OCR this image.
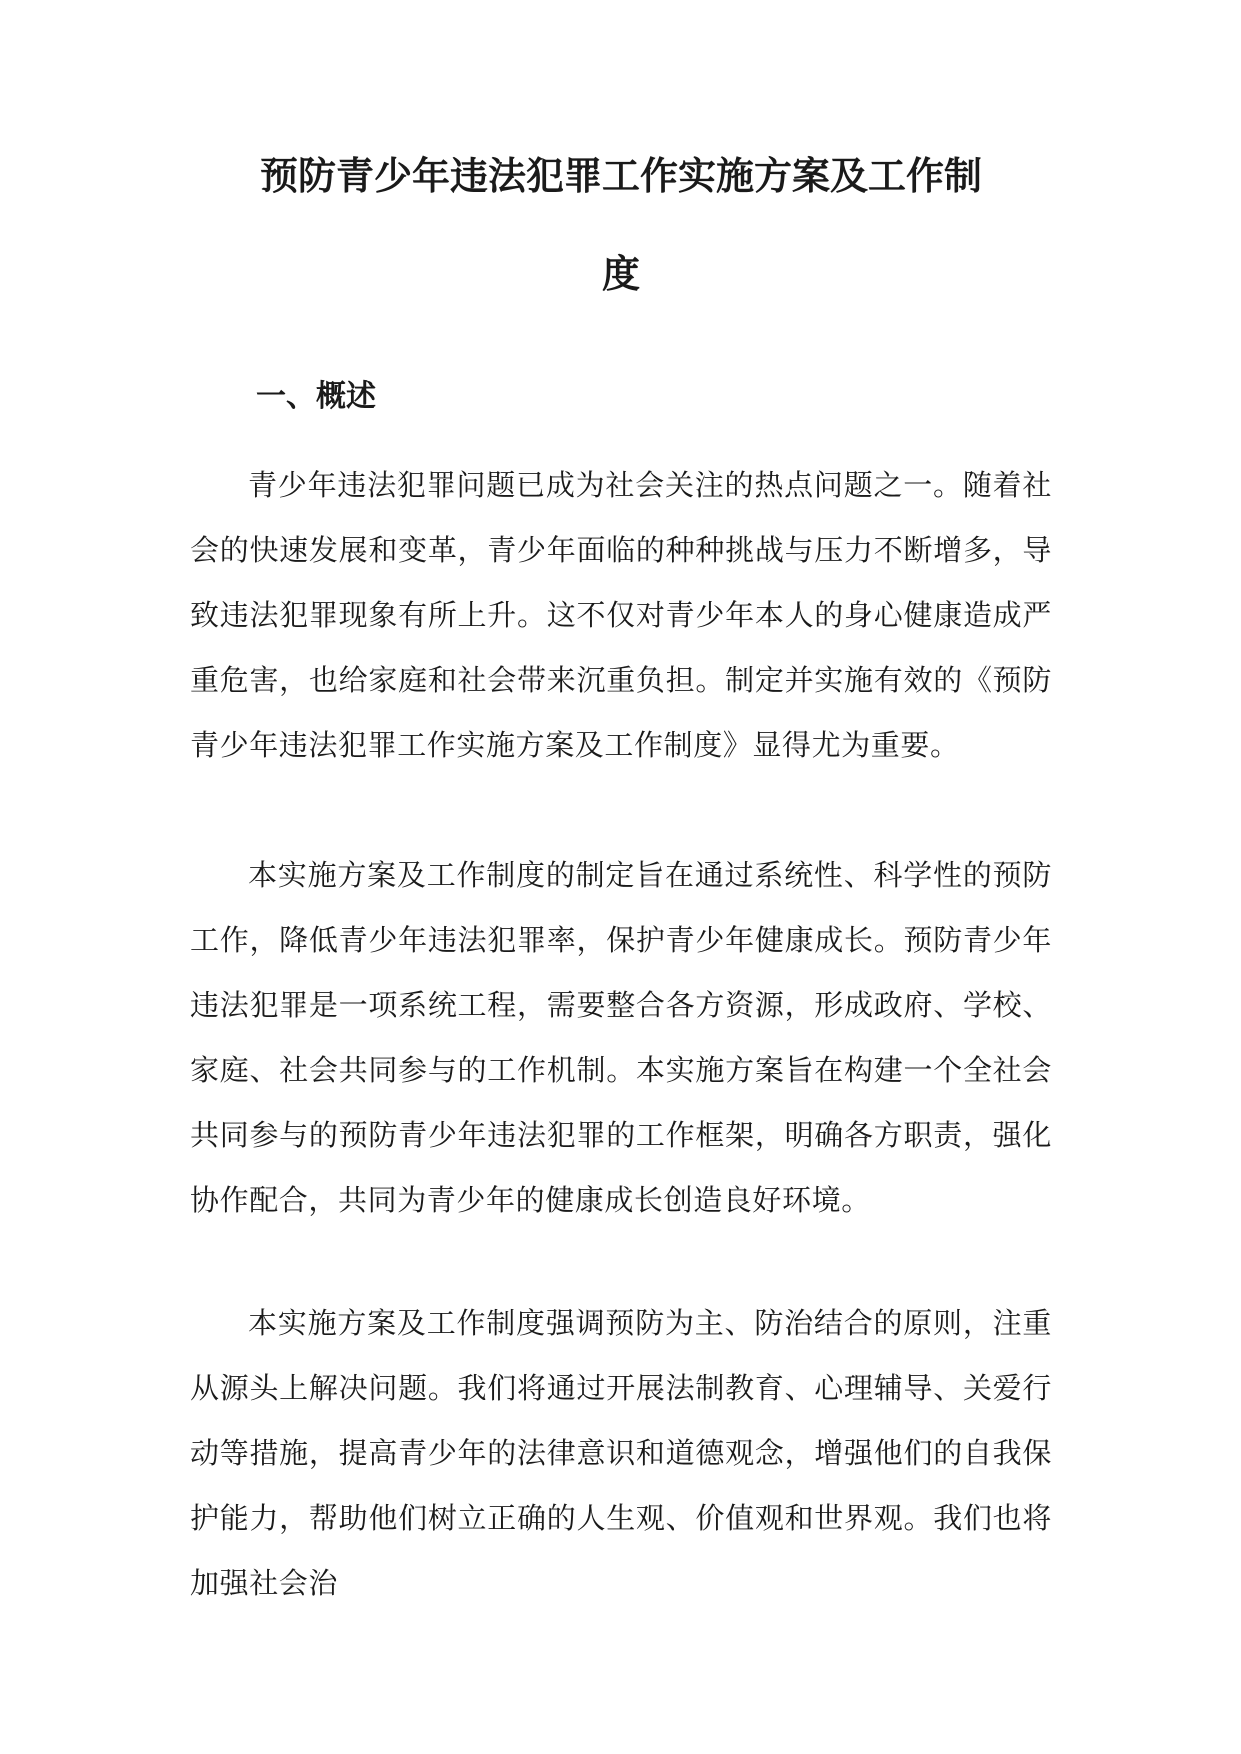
预防青少年违法犯罪工作实施方案及工作制
度
一、概述

青少年违法犯罪问题已成为社会关注的热点问题之一。随着社会的快速发展和变革，青少年面临的种种挑战与压力不断增多，导致违法犯罪现象有所上升。这不仅对青少年本人的身心健康造成严重危害，也给家庭和社会带来沉重负担。制定并实施有效的《预防青少年违法犯罪工作实施方案及工作制度》显得尤为重要。

本实施方案及工作制度的制定旨在通过系统性、科学性的预防工作，降低青少年违法犯罪率，保护青少年健康成长。预防青少年违法犯罪是一项系统工程，需要整合各方资源，形成政府、学校、家庭、社会共同参与的工作机制。本实施方案旨在构建一个全社会共同参与的预防青少年违法犯罪的工作框架，明确各方职责，强化协作配合，共同为青少年的健康成长创造良好环境。

本实施方案及工作制度强调预防为主、防治结合的原则，注重从源头上解决问题。我们将通过开展法制教育、心理辅导、关爱行动等措施，提高青少年的法律意识和道德观念，增强他们的自我保护能力，帮助他们树立正确的人生观、价值观和世界观。我们也将加强社会治
